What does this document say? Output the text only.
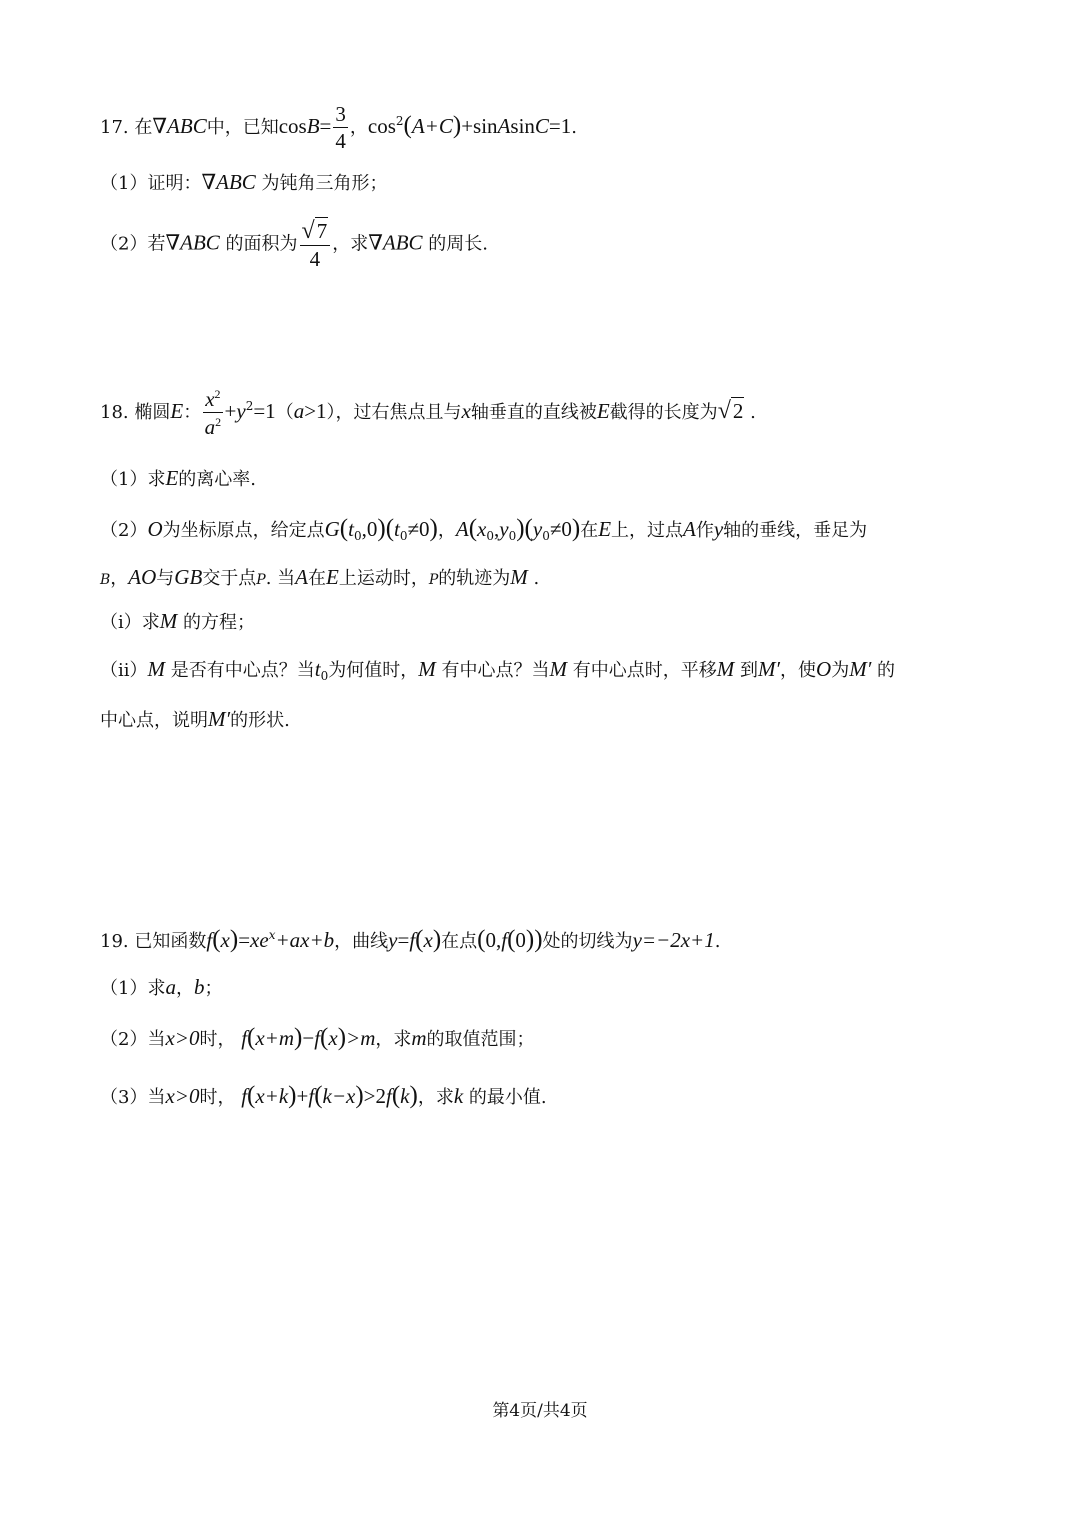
17. 在∇ABC中，已知$\cos B= \frac{3}{4}$ ，$\cos^2(A+C)+sinAsinC=1$.
（1）证明：∇ABC 为钝角三角形；
（2）若∇ABC 的面积为 $\frac{√7}{4}$ ，求∇ABC 的周长.
18. 椭圆E： $\frac{x^2}{a^2} +y^2=1(a>1)$，过右焦点且与x轴垂直的直线被E截得的长度为√2 .
（1）求E的离心率.
（2）O为坐标原点，给定点$G(t_0,0)(t_0\ne 0)$，$A(x_0,y_0)(y_0\ne 0)$在E上，过点A作y轴的垂线，垂足为
B，AO与GB交于点P. 当A在E上运动时，P的轨迹为M .
（ⅰ）求M 的方程；
（ⅱ）M 是否有中心点？当$t_0$为何值时，M 有中心点？当M 有中心点时，平移M 到M′，使O为M′ 的
中心点，说明M′的形状.
19. 已知函数$f(x)=xe^x+ax+b$，曲线y=f(x)在点(0,f(0))处的切线为y=−2x+1.
（1）求a，b；
（2）当x>0时， f(x+m)−f(x)>m，求m的取值范围；
（3）当x>0时， f(x+k)+f(k−x)>2f(k)，求k 的最小值.
第4页/共4页
